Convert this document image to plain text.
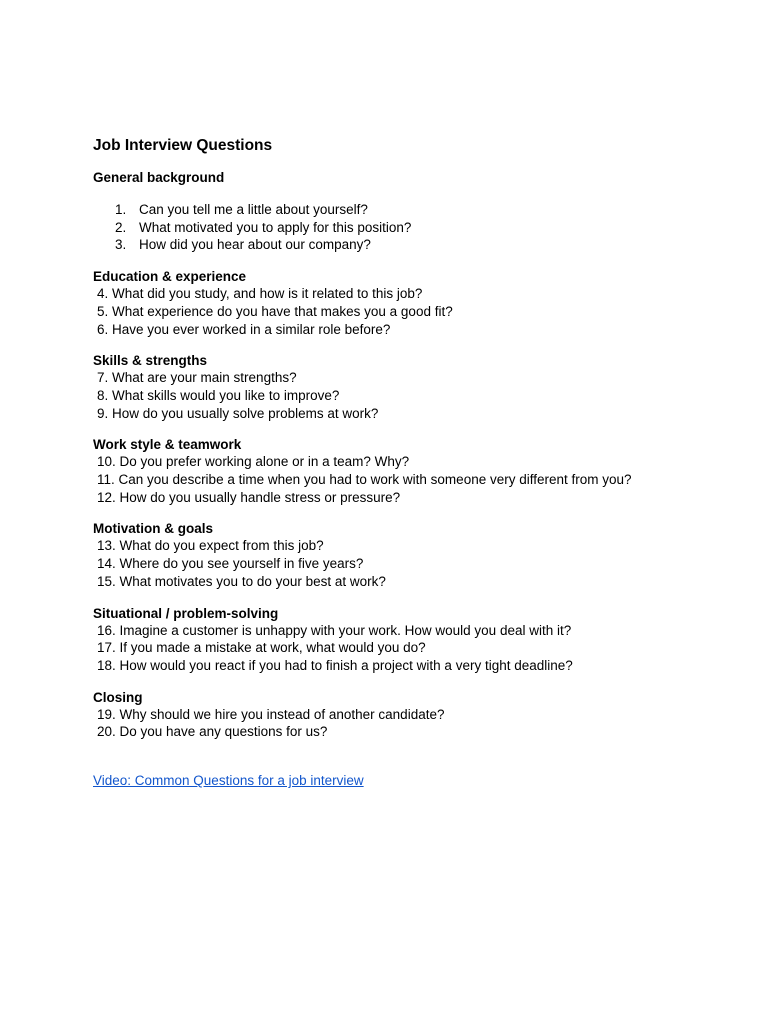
Job Interview Questions
General background
1. Can you tell me a little about yourself?
2. What motivated you to apply for this position?
3. How did you hear about our company?
Education & experience
4. What did you study, and how is it related to this job?
5. What experience do you have that makes you a good fit?
6. Have you ever worked in a similar role before?
Skills & strengths
7. What are your main strengths?
8. What skills would you like to improve?
9. How do you usually solve problems at work?
Work style & teamwork
10. Do you prefer working alone or in a team? Why?
11. Can you describe a time when you had to work with someone very different from you?
12. How do you usually handle stress or pressure?
Motivation & goals
13. What do you expect from this job?
14. Where do you see yourself in five years?
15. What motivates you to do your best at work?
Situational / problem-solving
16. Imagine a customer is unhappy with your work. How would you deal with it?
17. If you made a mistake at work, what would you do?
18. How would you react if you had to finish a project with a very tight deadline?
Closing
19. Why should we hire you instead of another candidate?
20. Do you have any questions for us?
Video: Common Questions for a job interview
